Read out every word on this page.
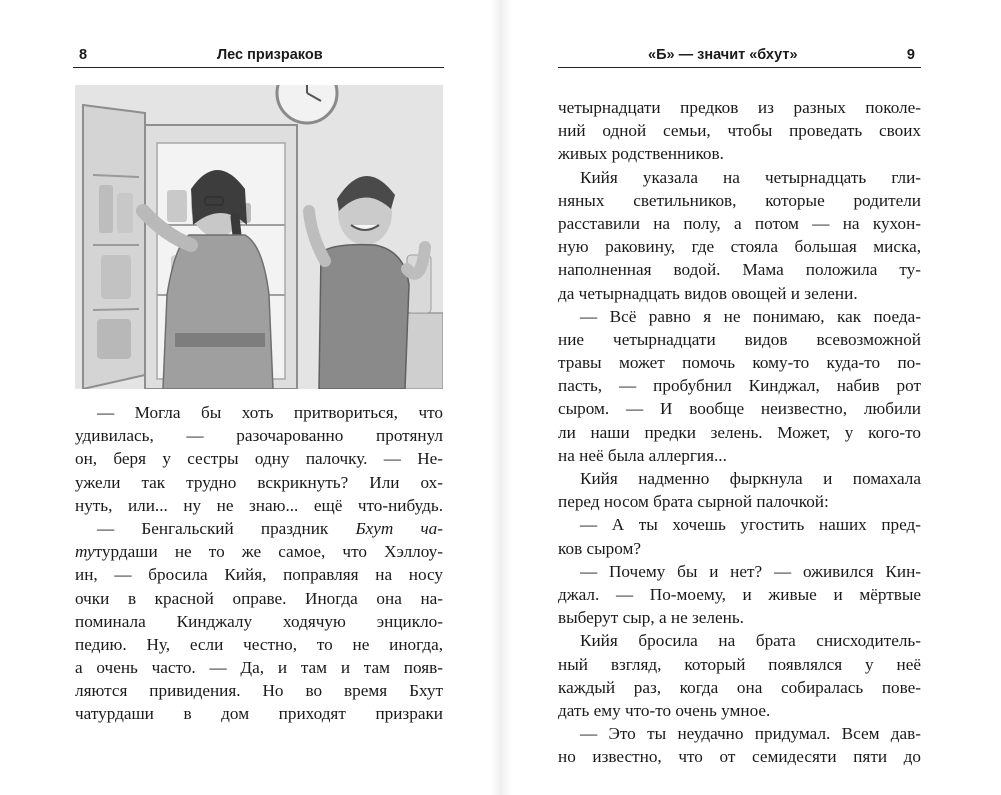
8	Лес призраков
— Могла бы хоть притвориться, что
удивилась, — разочарованно протянул
он, беря у сестры одну палочку. — Не-
ужели так трудно вскрикнуть? Или ох-
нуть, или... ну не знаю... ещё что-нибудь.
— Бенгальский праздник Бхут ча-
тутурдаши не то же самое, что Хэллоу-
ин, — бросила Кийя, поправляя на носу
очки в красной оправе. Иногда она на-
поминала Кинджалу ходячую энцикло-
педию. Ну, если честно, то не иногда,
а очень часто. — Да, и там и там появ-
ляются привидения. Но во время Бхут
чатурдаши в дом приходят призраки
«Б» — значит «бхут»	9
четырнадцати предков из разных поколе-
ний одной семьи, чтобы проведать своих
живых родственников.
Кийя указала на четырнадцать гли-
няных светильников, которые родители
расставили на полу, а потом — на кухон-
ную раковину, где стояла большая миска,
наполненная водой. Мама положила ту-
да четырнадцать видов овощей и зелени.
— Всё равно я не понимаю, как поеда-
ние четырнадцати видов всевозможной
травы может помочь кому-то куда-то по-
пасть, — пробубнил Кинджал, набив рот
сыром. — И вообще неизвестно, любили
ли наши предки зелень. Может, у кого-то
на неё была аллергия...
Кийя надменно фыркнула и помахала
перед носом брата сырной палочкой:
— А ты хочешь угостить наших пред-
ков сыром?
— Почему бы и нет? — оживился Кин-
джал. — По-моему, и живые и мёртвые
выберут сыр, а не зелень.
Кийя бросила на брата снисходитель-
ный взгляд, который появлялся у неё
каждый раз, когда она собиралась пове-
дать ему что-то очень умное.
— Это ты неудачно придумал. Всем дав-
но известно, что от семидесяти пяти до
